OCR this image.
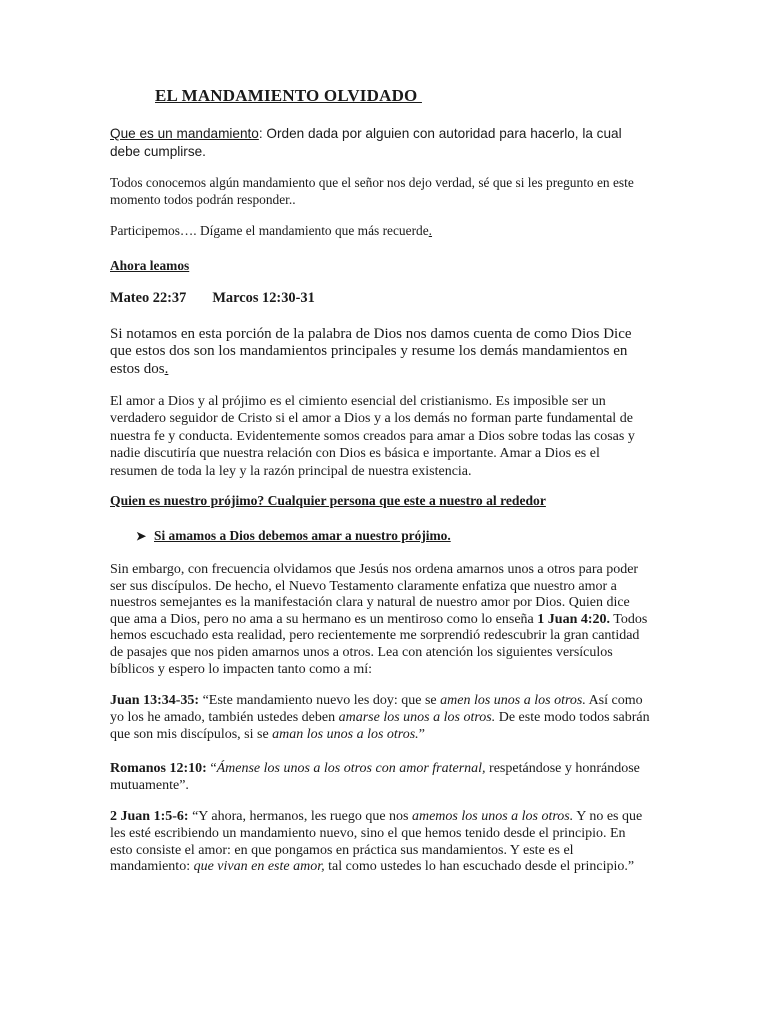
EL MANDAMIENTO OLVIDADO

Que es un mandamiento: Orden dada por alguien con autoridad para hacerlo, la cual debe cumplirse.

Todos conocemos algún mandamiento que el señor nos dejo verdad, sé que si les pregunto en este momento todos podrán responder..

Participemos…. Dígame el mandamiento que más recuerde.

Ahora leamos

Mateo 22:37 Marcos 12:30-31

Si notamos en esta porción de la palabra de Dios nos damos cuenta de como Dios Dice que estos dos son los mandamientos principales y resume los demás mandamientos en estos dos.

El amor a Dios y al prójimo es el cimiento esencial del cristianismo. Es imposible ser un verdadero seguidor de Cristo si el amor a Dios y a los demás no forman parte fundamental de nuestra fe y conducta. Evidentemente somos creados para amar a Dios sobre todas las cosas y nadie discutiría que nuestra relación con Dios es básica e importante. Amar a Dios es el resumen de toda la ley y la razón principal de nuestra existencia.

Quien es nuestro prójimo? Cualquier persona que este a nuestro al rededor

➤ Si amamos a Dios debemos amar a nuestro prójimo.

Sin embargo, con frecuencia olvidamos que Jesús nos ordena amarnos unos a otros para poder ser sus discípulos. De hecho, el Nuevo Testamento claramente enfatiza que nuestro amor a nuestros semejantes es la manifestación clara y natural de nuestro amor por Dios. Quien dice que ama a Dios, pero no ama a su hermano es un mentiroso como lo enseña 1 Juan 4:20. Todos hemos escuchado esta realidad, pero recientemente me sorprendió redescubrir la gran cantidad de pasajes que nos piden amarnos unos a otros. Lea con atención los siguientes versículos bíblicos y espero lo impacten tanto como a mí:

Juan 13:34-35: “Este mandamiento nuevo les doy: que se amen los unos a los otros. Así como yo los he amado, también ustedes deben amarse los unos a los otros. De este modo todos sabrán que son mis discípulos, si se aman los unos a los otros.”

Romanos 12:10: “Ámense los unos a los otros con amor fraternal, respetándose y honrándose mutuamente”.

2 Juan 1:5-6: “Y ahora, hermanos, les ruego que nos amemos los unos a los otros. Y no es que les esté escribiendo un mandamiento nuevo, sino el que hemos tenido desde el principio. En esto consiste el amor: en que pongamos en práctica sus mandamientos. Y este es el mandamiento: que vivan en este amor, tal como ustedes lo han escuchado desde el principio.”
